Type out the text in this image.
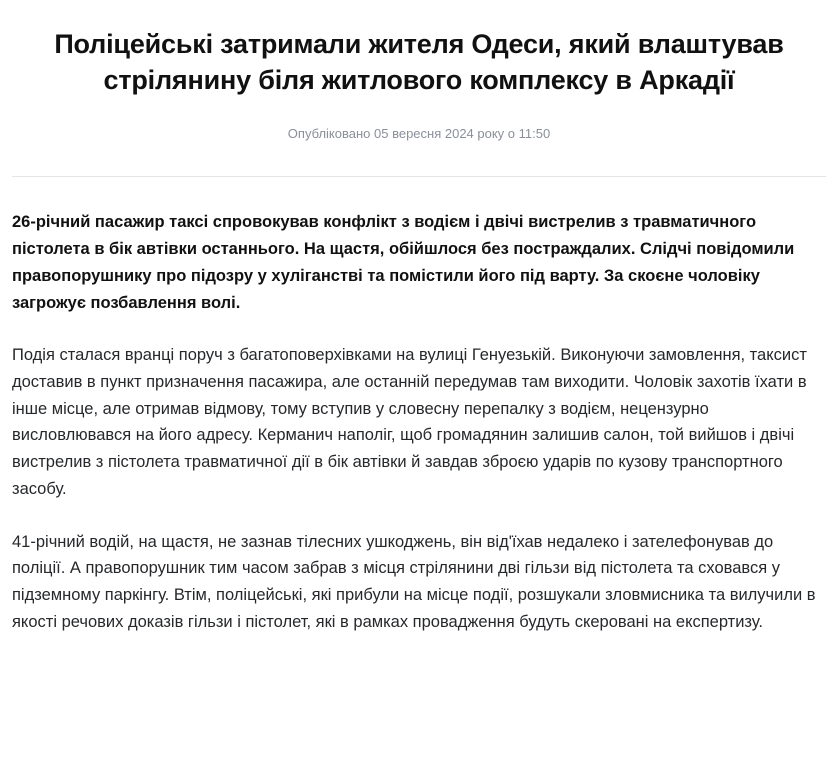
Поліцейські затримали жителя Одеси, який влаштував стрілянину біля житлового комплексу в Аркадії
Опубліковано 05 вересня 2024 року о 11:50

26-річний пасажир таксі спровокував конфлікт з водієм і двічі вистрелив з травматичного пістолета в бік автівки останнього. На щастя, обійшлося без постраждалих. Слідчі повідомили правопорушнику про підозру у хуліганстві та помістили його під варту. За скоєне чоловіку загрожує позбавлення волі.

Подія сталася вранці поруч з багатоповерхівками на вулиці Генуезькій. Виконуючи замовлення, таксист доставив в пункт призначення пасажира, але останній передумав там виходити. Чоловік захотів їхати в інше місце, але отримав відмову, тому вступив у словесну перепалку з водієм, нецензурно висловлювався на його адресу. Керманич наполіг, щоб громадянин залишив салон, той вийшов і двічі вистрелив з пістолета травматичної дії в бік автівки й завдав зброєю ударів по кузову транспортного засобу.

41-річний водій, на щастя, не зазнав тілесних ушкоджень, він від'їхав недалеко і зателефонував до поліції. А правопорушник тим часом забрав з місця стрілянини дві гільзи від пістолета та сховався у підземному паркінгу. Втім, поліцейські, які прибули на місце події, розшукали зловмисника та вилучили в якості речових доказів гільзи і пістолет, які в рамках провадження будуть скеровані на експертизу.
